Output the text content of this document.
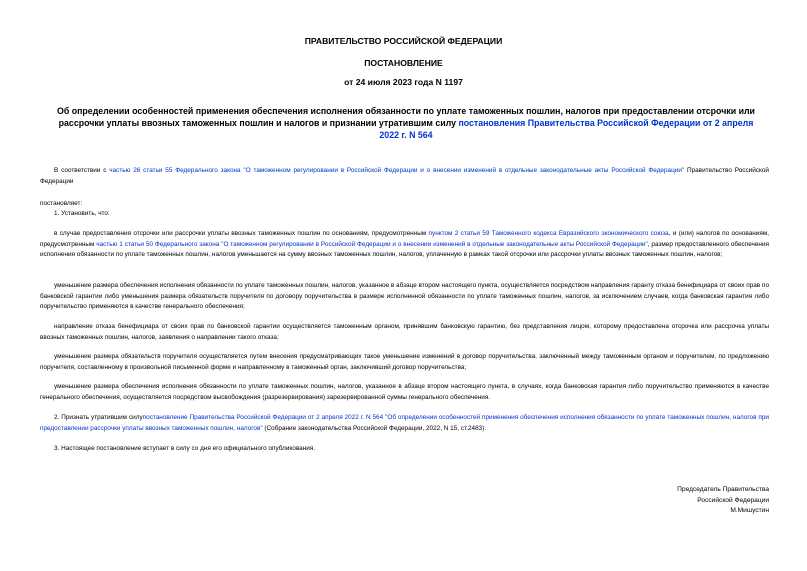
ПРАВИТЕЛЬСТВО РОССИЙСКОЙ ФЕДЕРАЦИИ
ПОСТАНОВЛЕНИЕ
от 24 июля 2023 года N 1197
Об определении особенностей применения обеспечения исполнения обязанности по уплате таможенных пошлин, налогов при предоставлении отсрочки или рассрочки уплаты ввозных таможенных пошлин и налогов и признании утратившим силу постановления Правительства Российской Федерации от 2 апреля 2022 г. N 564
В соответствии с частью 26 статьи 55 Федерального закона "О таможенном регулировании в Российской Федерации и о внесении изменений в отдельные законодательные акты Российской Федерации" Правительство Российской Федерации
постановляет:
1. Установить, что:
в случае предоставления отсрочки или рассрочки уплаты ввозных таможенных пошлин по основаниям, предусмотренным пунктом 2 статьи 59 Таможенного кодекса Евразийского экономического союза, и (или) налогов по основаниям, предусмотренным частью 1 статьи 50 Федерального закона "О таможенном регулировании в Российской Федерации и о внесении изменений в отдельные законодательные акты Российской Федерации", размер предоставленного обеспечения исполнения обязанности по уплате таможенных пошлин, налогов уменьшается на сумму ввозных таможенных пошлин, налогов, уплаченную в рамках такой отсрочки или рассрочки уплаты ввозных таможенных пошлин, налогов;
уменьшение размера обеспечения исполнения обязанности по уплате таможенных пошлин, налогов, указанное в абзаце втором настоящего пункта, осуществляется посредством направления гаранту отказа бенефициара от своих прав по банковской гарантии либо уменьшения размера обязательств поручителя по договору поручительства в размере исполненной обязанности по уплате таможенных пошлин, налогов, за исключением случаев, когда банковская гарантия либо поручительство применяются в качестве генерального обеспечения;
направление отказа бенефициара от своих прав по банковской гарантии осуществляется таможенным органом, принявшим банковскую гарантию, без представления лицом, которому предоставлена отсрочка или рассрочка уплаты ввозных таможенных пошлин, налогов, заявления о направлении такого отказа;
уменьшение размера обязательств поручителя осуществляется путем внесения предусматривающих такое уменьшение изменений в договор поручительства, заключенный между таможенным органом и поручителем, по предложению поручителя, составленному в произвольной письменной форме и направленному в таможенный орган, заключивший договор поручительства;
уменьшение размера обеспечения исполнения обязанности по уплате таможенных пошлин, налогов, указанное в абзаце втором настоящего пункта, в случаях, когда банковская гарантия либо поручительство применяются в качестве генерального обеспечения, осуществляется посредством высвобождения (разрезервирования) зарезервированной суммы генерального обеспечения.
2. Признать утратившим силупостановление Правительства Российской Федерации от 2 апреля 2022 г. N 564 "Об определении особенностей применения обеспечения исполнения обязанности по уплате таможенных пошлин, налогов при предоставлении рассрочки уплаты ввозных таможенных пошлин, налогов" (Собрание законодательства Российской Федерации, 2022, N 15, ст.2483).
3. Настоящее постановление вступает в силу со дня его официального опубликования.
Председатель Правительства
Российской Федерации
М.Мишустин
